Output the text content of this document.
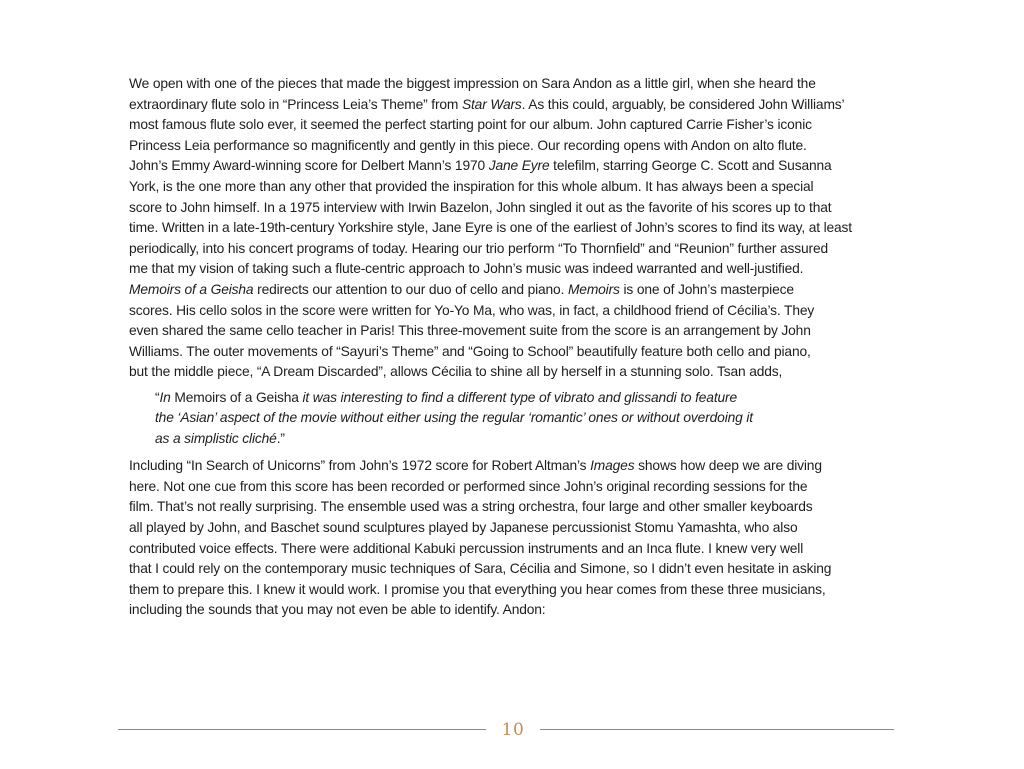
We open with one of the pieces that made the biggest impression on Sara Andon as a little girl, when she heard the
extraordinary flute solo in “Princess Leia’s Theme” from Star Wars. As this could, arguably, be considered John Williams’
most famous flute solo ever, it seemed the perfect starting point for our album. John captured Carrie Fisher’s iconic
Princess Leia performance so magnificently and gently in this piece. Our recording opens with Andon on alto flute.

John’s Emmy Award-winning score for Delbert Mann’s 1970 Jane Eyre telefilm, starring George C. Scott and Susanna
York, is the one more than any other that provided the inspiration for this whole album. It has always been a special
score to John himself. In a 1975 interview with Irwin Bazelon, John singled it out as the favorite of his scores up to that
time. Written in a late-19th-century Yorkshire style, Jane Eyre is one of the earliest of John’s scores to find its way, at least
periodically, into his concert programs of today. Hearing our trio perform “To Thornfield” and “Reunion” further assured
me that my vision of taking such a flute-centric approach to John’s music was indeed warranted and well-justified.

Memoirs of a Geisha redirects our attention to our duo of cello and piano. Memoirs is one of John’s masterpiece
scores. His cello solos in the score were written for Yo-Yo Ma, who was, in fact, a childhood friend of Cécilia’s. They
even shared the same cello teacher in Paris! This three-movement suite from the score is an arrangement by John
Williams. The outer movements of “Sayuri’s Theme” and “Going to School” beautifully feature both cello and piano,
but the middle piece, “A Dream Discarded”, allows Cécilia to shine all by herself in a stunning solo. Tsan adds,

“In Memoirs of a Geisha it was interesting to find a different type of vibrato and glissandi to feature
the ‘Asian’ aspect of the movie without either using the regular ‘romantic’ ones or without overdoing it
as a simplistic cliché.”

Including “In Search of Unicorns” from John’s 1972 score for Robert Altman’s Images shows how deep we are diving
here. Not one cue from this score has been recorded or performed since John’s original recording sessions for the
film. That’s not really surprising. The ensemble used was a string orchestra, four large and other smaller keyboards
all played by John, and Baschet sound sculptures played by Japanese percussionist Stomu Yamashta, who also
contributed voice effects. There were additional Kabuki percussion instruments and an Inca flute. I knew very well
that I could rely on the contemporary music techniques of Sara, Cécilia and Simone, so I didn’t even hesitate in asking
them to prepare this. I knew it would work. I promise you that everything you hear comes from these three musicians,
including the sounds that you may not even be able to identify. Andon:

10
